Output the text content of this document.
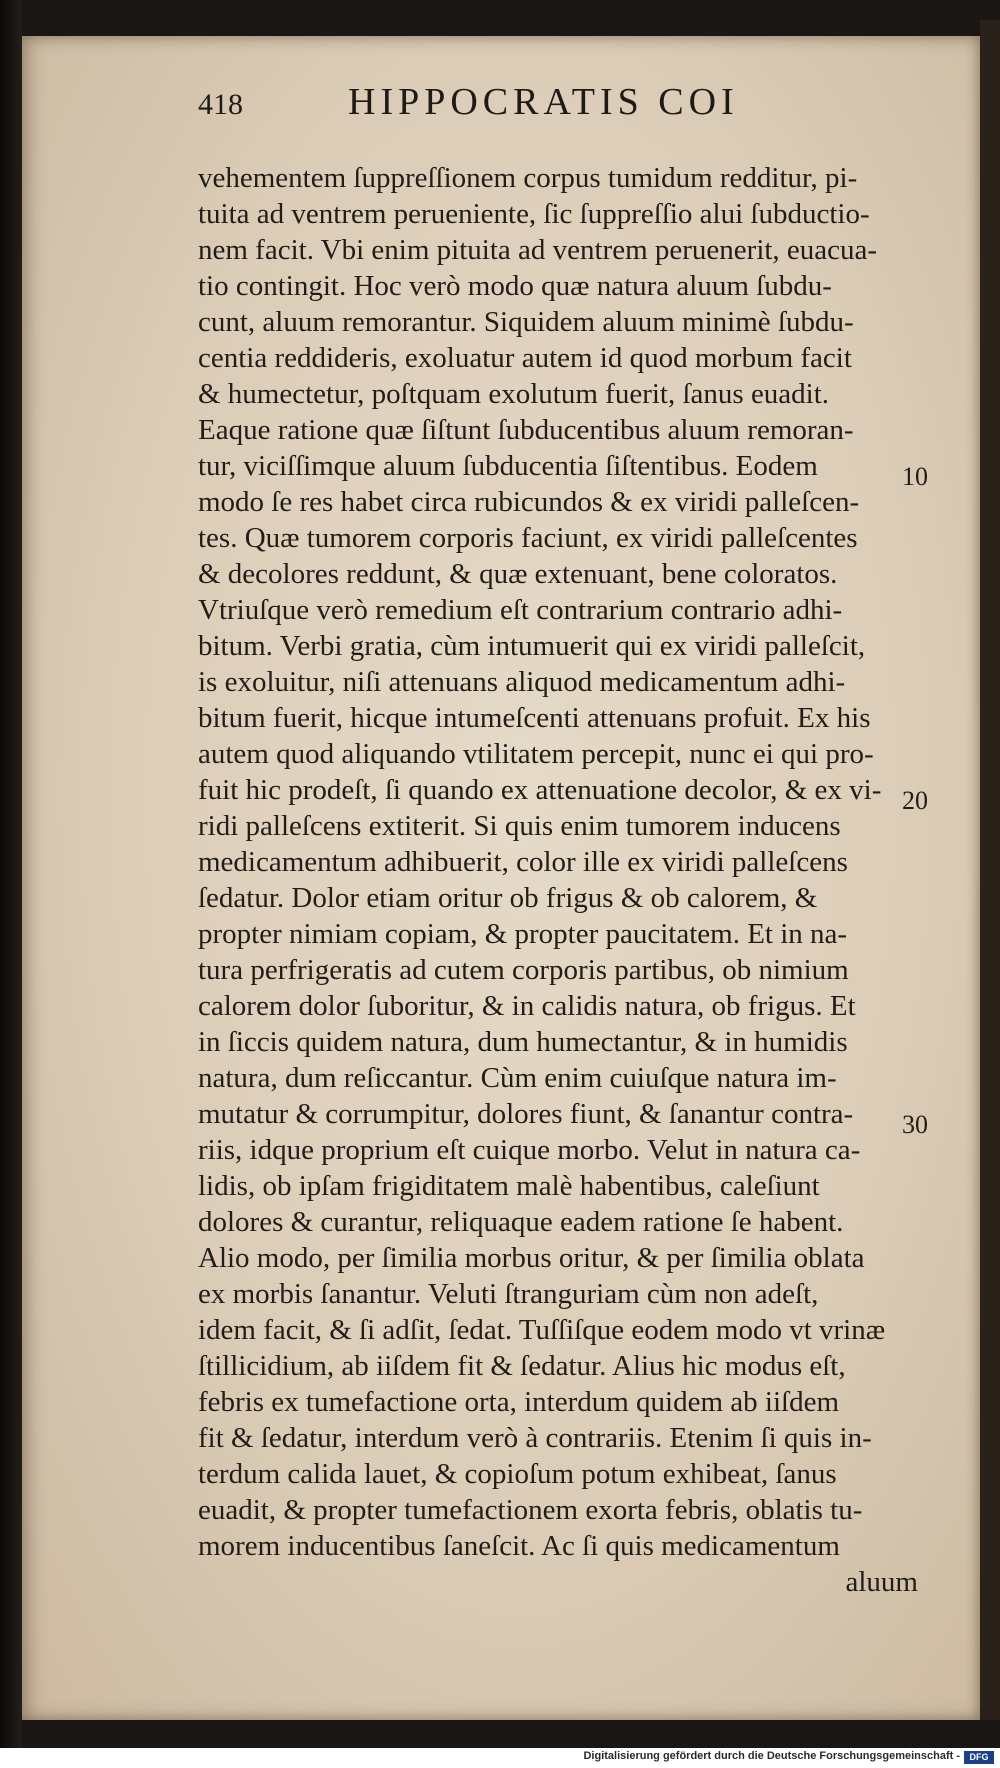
418	HIPPOCRATIS COI
vehementem ſuppreſſionem corpus tumidum redditur, pi-
tuita ad ventrem perueniente, ſic ſuppreſſio alui ſubductio-
nem facit. Vbi enim pituita ad ventrem peruenerit, euacua-
tio contingit. Hoc verò modo quæ natura aluum ſubdu-
cunt, aluum remorantur. Siquidem aluum minimè ſubdu-
centia reddideris, exoluatur autem id quod morbum facit
& humectetur, poſtquam exolutum fuerit, ſanus euadit.
Eaque ratione quæ ſiſtunt ſubducentibus aluum remoran-
tur, viciſſimque aluum ſubducentia ſiſtentibus. Eodem
modo ſe res habet circa rubicundos & ex viridi palleſcen-
tes. Quæ tumorem corporis faciunt, ex viridi palleſcentes
& decolores reddunt, & quæ extenuant, bene coloratos.
Vtriuſque verò remedium eſt contrarium contrario adhi-
bitum. Verbi gratia, cùm intumuerit qui ex viridi palleſcit,
is exoluitur, niſi attenuans aliquod medicamentum adhi-
bitum fuerit, hicque intumeſcenti attenuans profuit. Ex his
autem quod aliquando vtilitatem percepit, nunc ei qui pro-
fuit hic prodeſt, ſi quando ex attenuatione decolor, & ex vi-
ridi palleſcens extiterit. Si quis enim tumorem inducens
medicamentum adhibuerit, color ille ex viridi palleſcens
ſedatur. Dolor etiam oritur ob frigus & ob calorem, &
propter nimiam copiam, & propter paucitatem. Et in na-
tura perfrigeratis ad cutem corporis partibus, ob nimium
calorem dolor ſuboritur, & in calidis natura, ob frigus. Et
in ſiccis quidem natura, dum humectantur, & in humidis
natura, dum reſiccantur. Cùm enim cuiuſque natura im-
mutatur & corrumpitur, dolores fiunt, & ſanantur contra-
riis, idque proprium eſt cuique morbo. Velut in natura ca-
lidis, ob ipſam frigiditatem malè habentibus, caleſiunt
dolores & curantur, reliquaque eadem ratione ſe habent.
Alio modo, per ſimilia morbus oritur, & per ſimilia oblata
ex morbis ſanantur. Veluti ſtranguriam cùm non adeſt,
idem facit, & ſi adſit, ſedat. Tuſſiſque eodem modo vt vrinæ
ſtillicidium, ab iiſdem fit & ſedatur. Alius hic modus eſt,
febris ex tumefactione orta, interdum quidem ab iiſdem
fit & ſedatur, interdum verò à contrariis. Etenim ſi quis in-
terdum calida lauet, & copioſum potum exhibeat, ſanus
euadit, & propter tumefactionem exorta febris, oblatis tu-
morem inducentibus ſaneſcit. Ac ſi quis medicamentum
aluum
10
20
30
Digitalisierung gefördert durch die Deutsche Forschungsgemeinschaft -	DFG
